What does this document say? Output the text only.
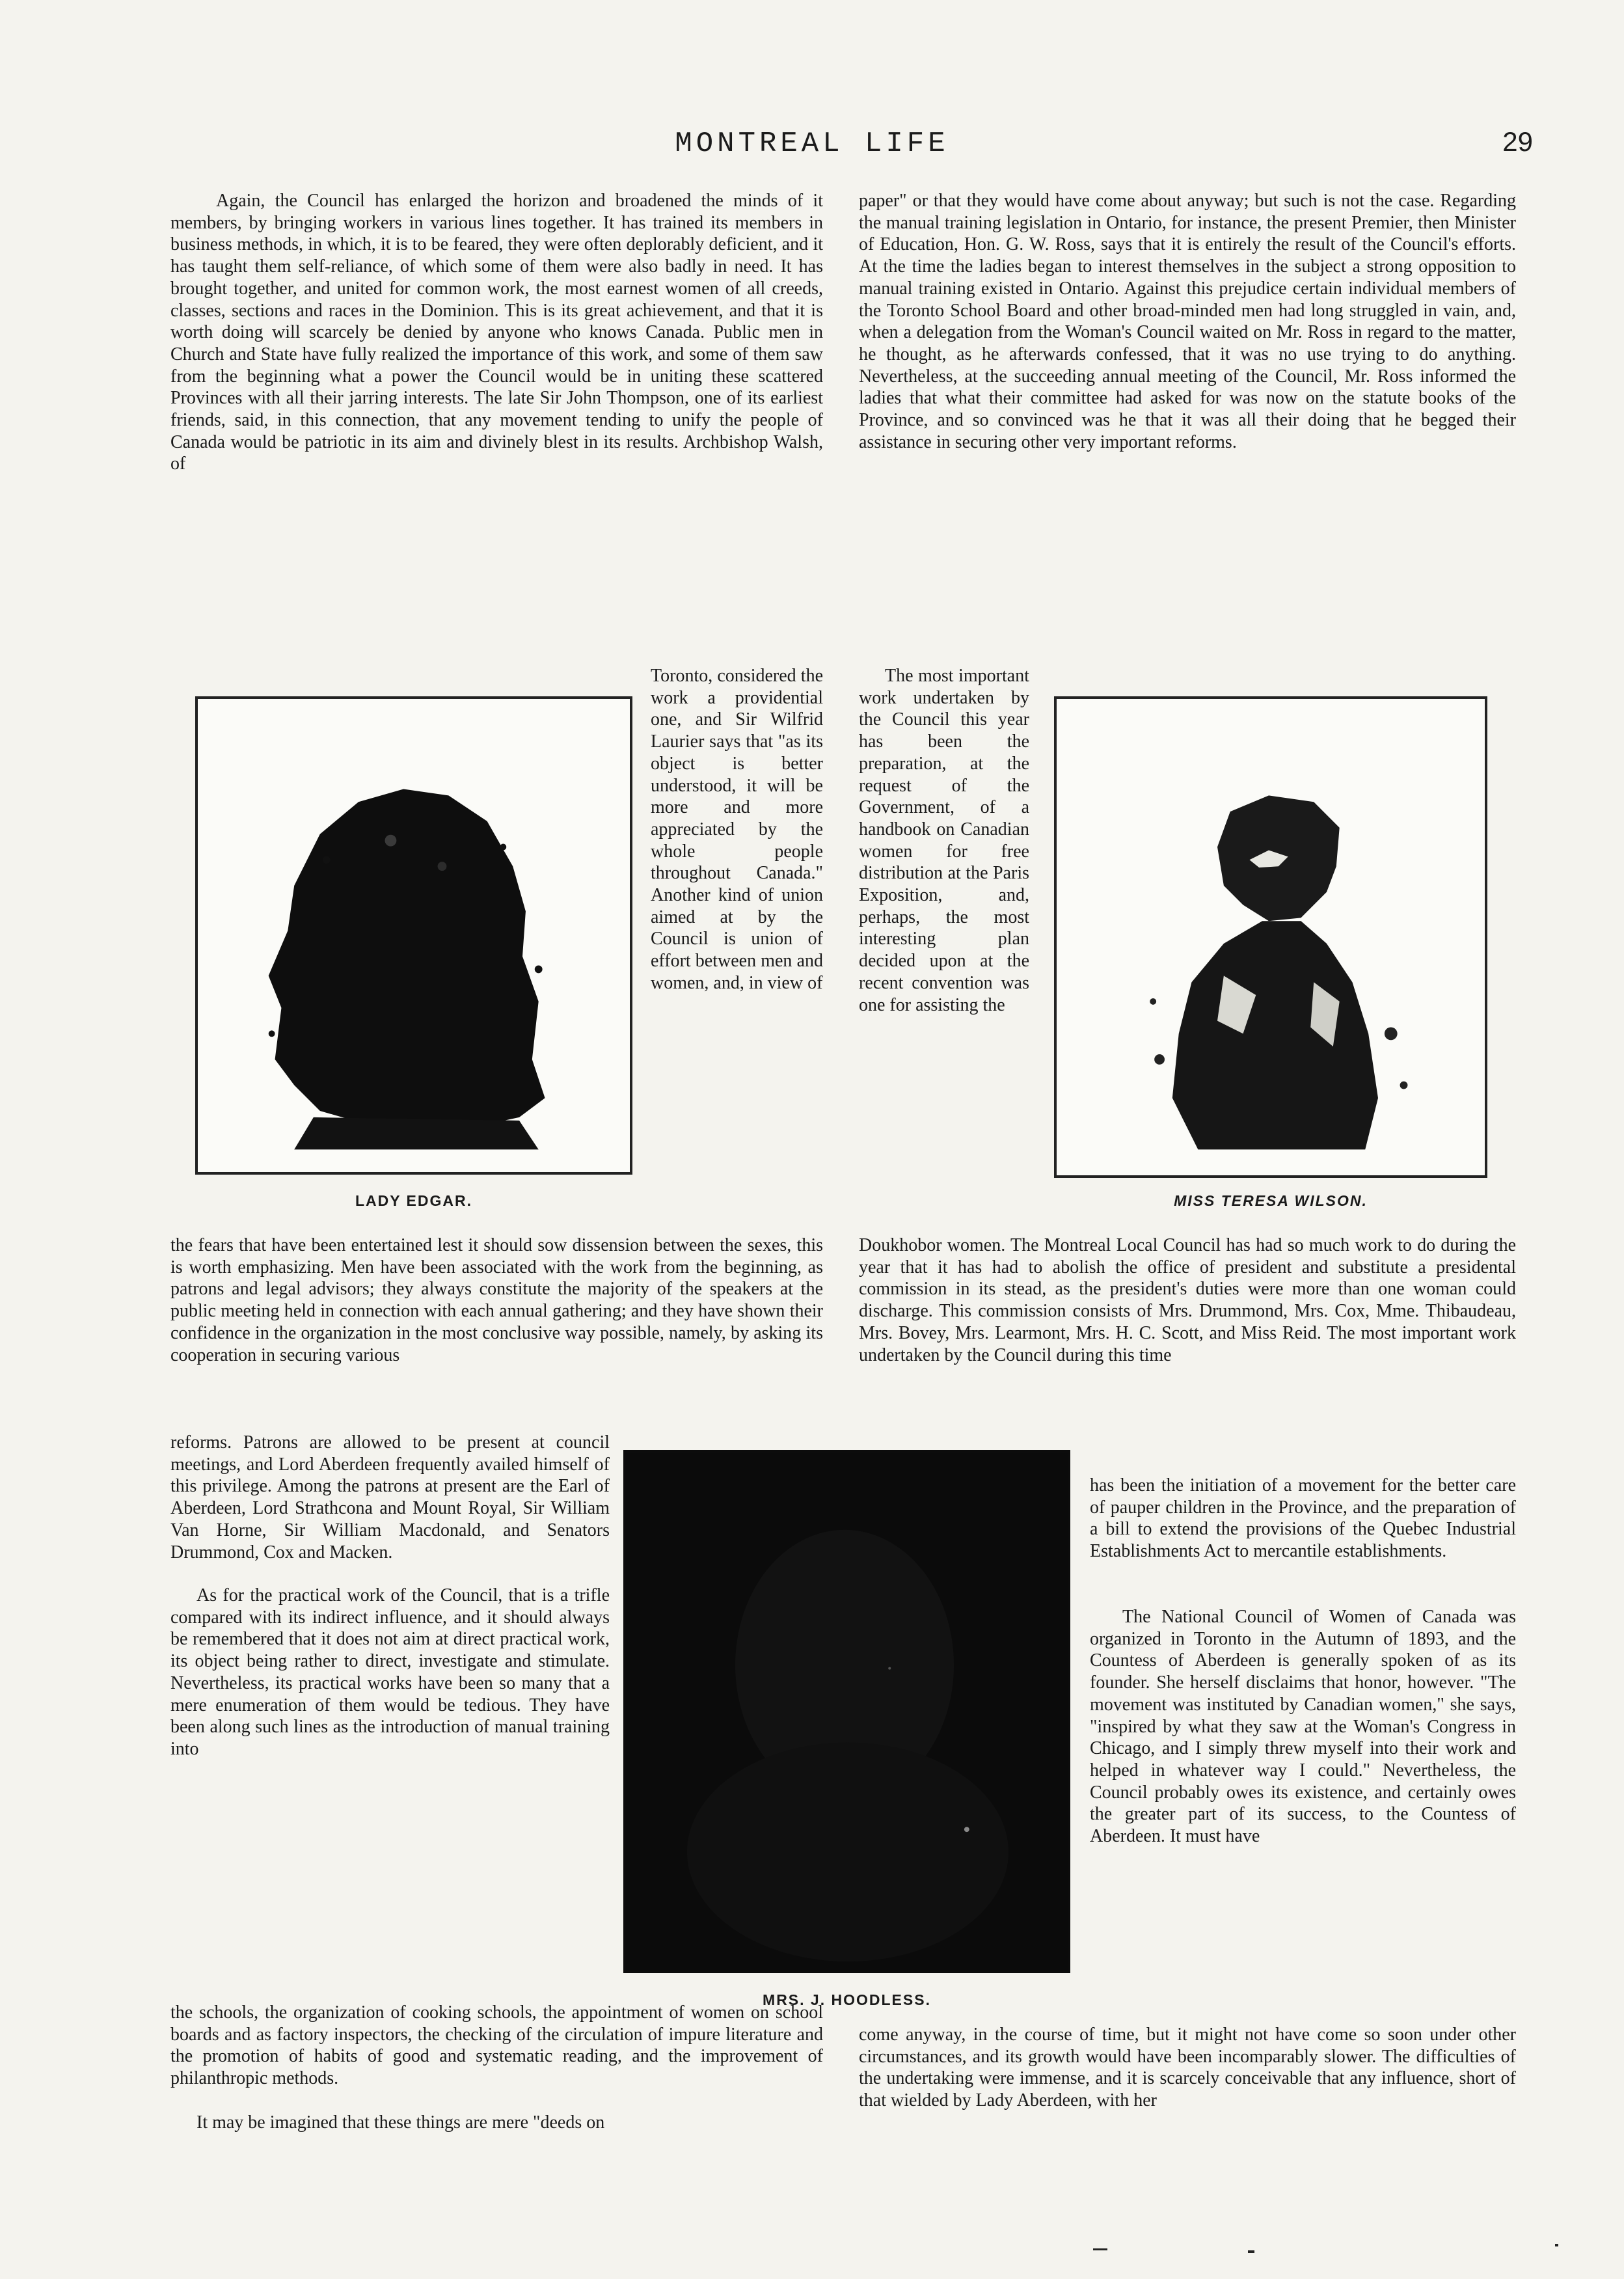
MONTREAL LIFE	29

Again, the Council has enlarged the horizon and broadened the minds of it members, by bringing workers in various lines together. It has trained its members in business methods, in which, it is to be feared, they were often deplorably deficient, and it has taught them self-reliance, of which some of them were also badly in need. It has brought together, and united for common work, the most earnest women of all creeds, classes, sections and races in the Dominion. This is its great achievement, and that it is worth doing will scarcely be denied by anyone who knows Canada. Public men in Church and State have fully realized the importance of this work, and some of them saw from the beginning what a power the Council would be in uniting these scattered Provinces with all their jarring interests. The late Sir John Thompson, one of its earliest friends, said, in this connection, that any movement tending to unify the people of Canada would be patriotic in its aim and divinely blest in its results. Archbishop Walsh, of

LADY EDGAR.

Toronto, considered the work a providential one, and Sir Wilfrid Laurier says that "as its object is better understood, it will be more and more appreciated by the whole people throughout Canada." Another kind of union aimed at by the Council is union of effort between men and women, and, in view of

the fears that have been entertained lest it should sow dissension between the sexes, this is worth emphasizing. Men have been associated with the work from the beginning, as patrons and legal advisors; they always constitute the majority of the speakers at the public meeting held in connection with each annual gathering; and they have shown their confidence in the organization in the most conclusive way possible, namely, by asking its cooperation in securing various

reforms. Patrons are allowed to be present at council meetings, and Lord Aberdeen frequently availed himself of this privilege. Among the patrons at present are the Earl of Aberdeen, Lord Strathcona and Mount Royal, Sir William Van Horne, Sir William Macdonald, and Senators Drummond, Cox and Macken.

As for the practical work of the Council, that is a trifle compared with its indirect influence, and it should always be remembered that it does not aim at direct practical work, its object being rather to direct, investigate and stimulate. Nevertheless, its practical works have been so many that a mere enumeration of them would be tedious. They have been along such lines as the introduction of manual training into

MRS. J. HOODLESS.

the schools, the organization of cooking schools, the appointment of women on school boards and as factory inspectors, the checking of the circulation of impure literature and the promotion of habits of good and systematic reading, and the improvement of philanthropic methods.

It may be imagined that these things are mere "deeds on

paper" or that they would have come about anyway; but such is not the case. Regarding the manual training legislation in Ontario, for instance, the present Premier, then Minister of Education, Hon. G. W. Ross, says that it is entirely the result of the Council's efforts. At the time the ladies began to interest themselves in the subject a strong opposition to manual training existed in Ontario. Against this prejudice certain individual members of the Toronto School Board and other broad-minded men had long struggled in vain, and, when a delegation from the Woman's Council waited on Mr. Ross in regard to the matter, he thought, as he afterwards confessed, that it was no use trying to do anything. Nevertheless, at the succeeding annual meeting of the Council, Mr. Ross informed the ladies that what their committee had asked for was now on the statute books of the Province, and so convinced was he that it was all their doing that he begged their assistance in securing other very important reforms.

The most important work undertaken by the Council this year has been the preparation, at the request of the Government, of a handbook on Canadian women for free distribution at the Paris Exposition, and, perhaps, the most interesting plan decided upon at the recent convention was one for assisting the

MISS TERESA WILSON.

Doukhobor women. The Montreal Local Council has had so much work to do during the year that it has had to abolish the office of president and substitute a presidental commission in its stead, as the president's duties were more than one woman could discharge. This commission consists of Mrs. Drummond, Mrs. Cox, Mme. Thibaudeau, Mrs. Bovey, Mrs. Learmont, Mrs. H. C. Scott, and Miss Reid. The most important work undertaken by the Council during this time

has been the initiation of a movement for the better care of pauper children in the Province, and the preparation of a bill to extend the provisions of the Quebec Industrial Establishments Act to mercantile establishments.

The National Council of Women of Canada was organized in Toronto in the Autumn of 1893, and the Countess of Aberdeen is generally spoken of as its founder. She herself disclaims that honor, however. "The movement was instituted by Canadian women," she says, "inspired by what they saw at the Woman's Congress in Chicago, and I simply threw myself into their work and helped in whatever way I could." Nevertheless, the Council probably owes its existence, and certainly owes the greater part of its success, to the Countess of Aberdeen. It must have

come anyway, in the course of time, but it might not have come so soon under other circumstances, and its growth would have been incomparably slower. The difficulties of the undertaking were immense, and it is scarcely conceivable that any influence, short of that wielded by Lady Aberdeen, with her
